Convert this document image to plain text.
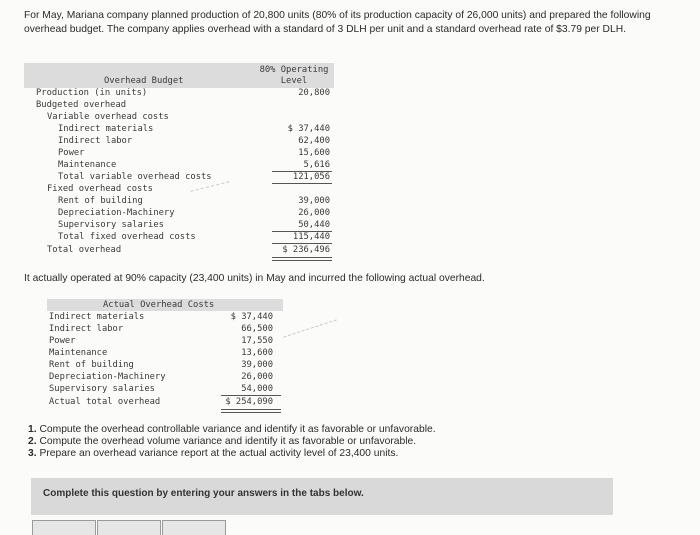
For May, Mariana company planned production of 20,800 units (80% of its production capacity of 26,000 units) and prepared the following overhead budget. The company applies overhead with a standard of 3 DLH per unit and a standard overhead rate of $3.79 per DLH.

Overhead Budget
80% Operating
Level
Production (in units)	20,800
Budgeted overhead
Variable overhead costs
Indirect materials	$ 37,440
Indirect labor	62,400
Power	15,600
Maintenance	5,616
Total variable overhead costs	121,056
Fixed overhead costs
Rent of building	39,000
Depreciation-Machinery	26,000
Supervisory salaries	50,440
Total fixed overhead costs	115,440
Total overhead	$ 236,496

It actually operated at 90% capacity (23,400 units) in May and incurred the following actual overhead.

Actual Overhead Costs
Indirect materials	$ 37,440
Indirect labor	66,500
Power	17,550
Maintenance	13,600
Rent of building	39,000
Depreciation-Machinery	26,000
Supervisory salaries	54,000
Actual total overhead	$ 254,090
1. Compute the overhead controllable variance and identify it as favorable or unfavorable.
2. Compute the overhead volume variance and identify it as favorable or unfavorable.
3. Prepare an overhead variance report at the actual activity level of 23,400 units.
Complete this question by entering your answers in the tabs below.
